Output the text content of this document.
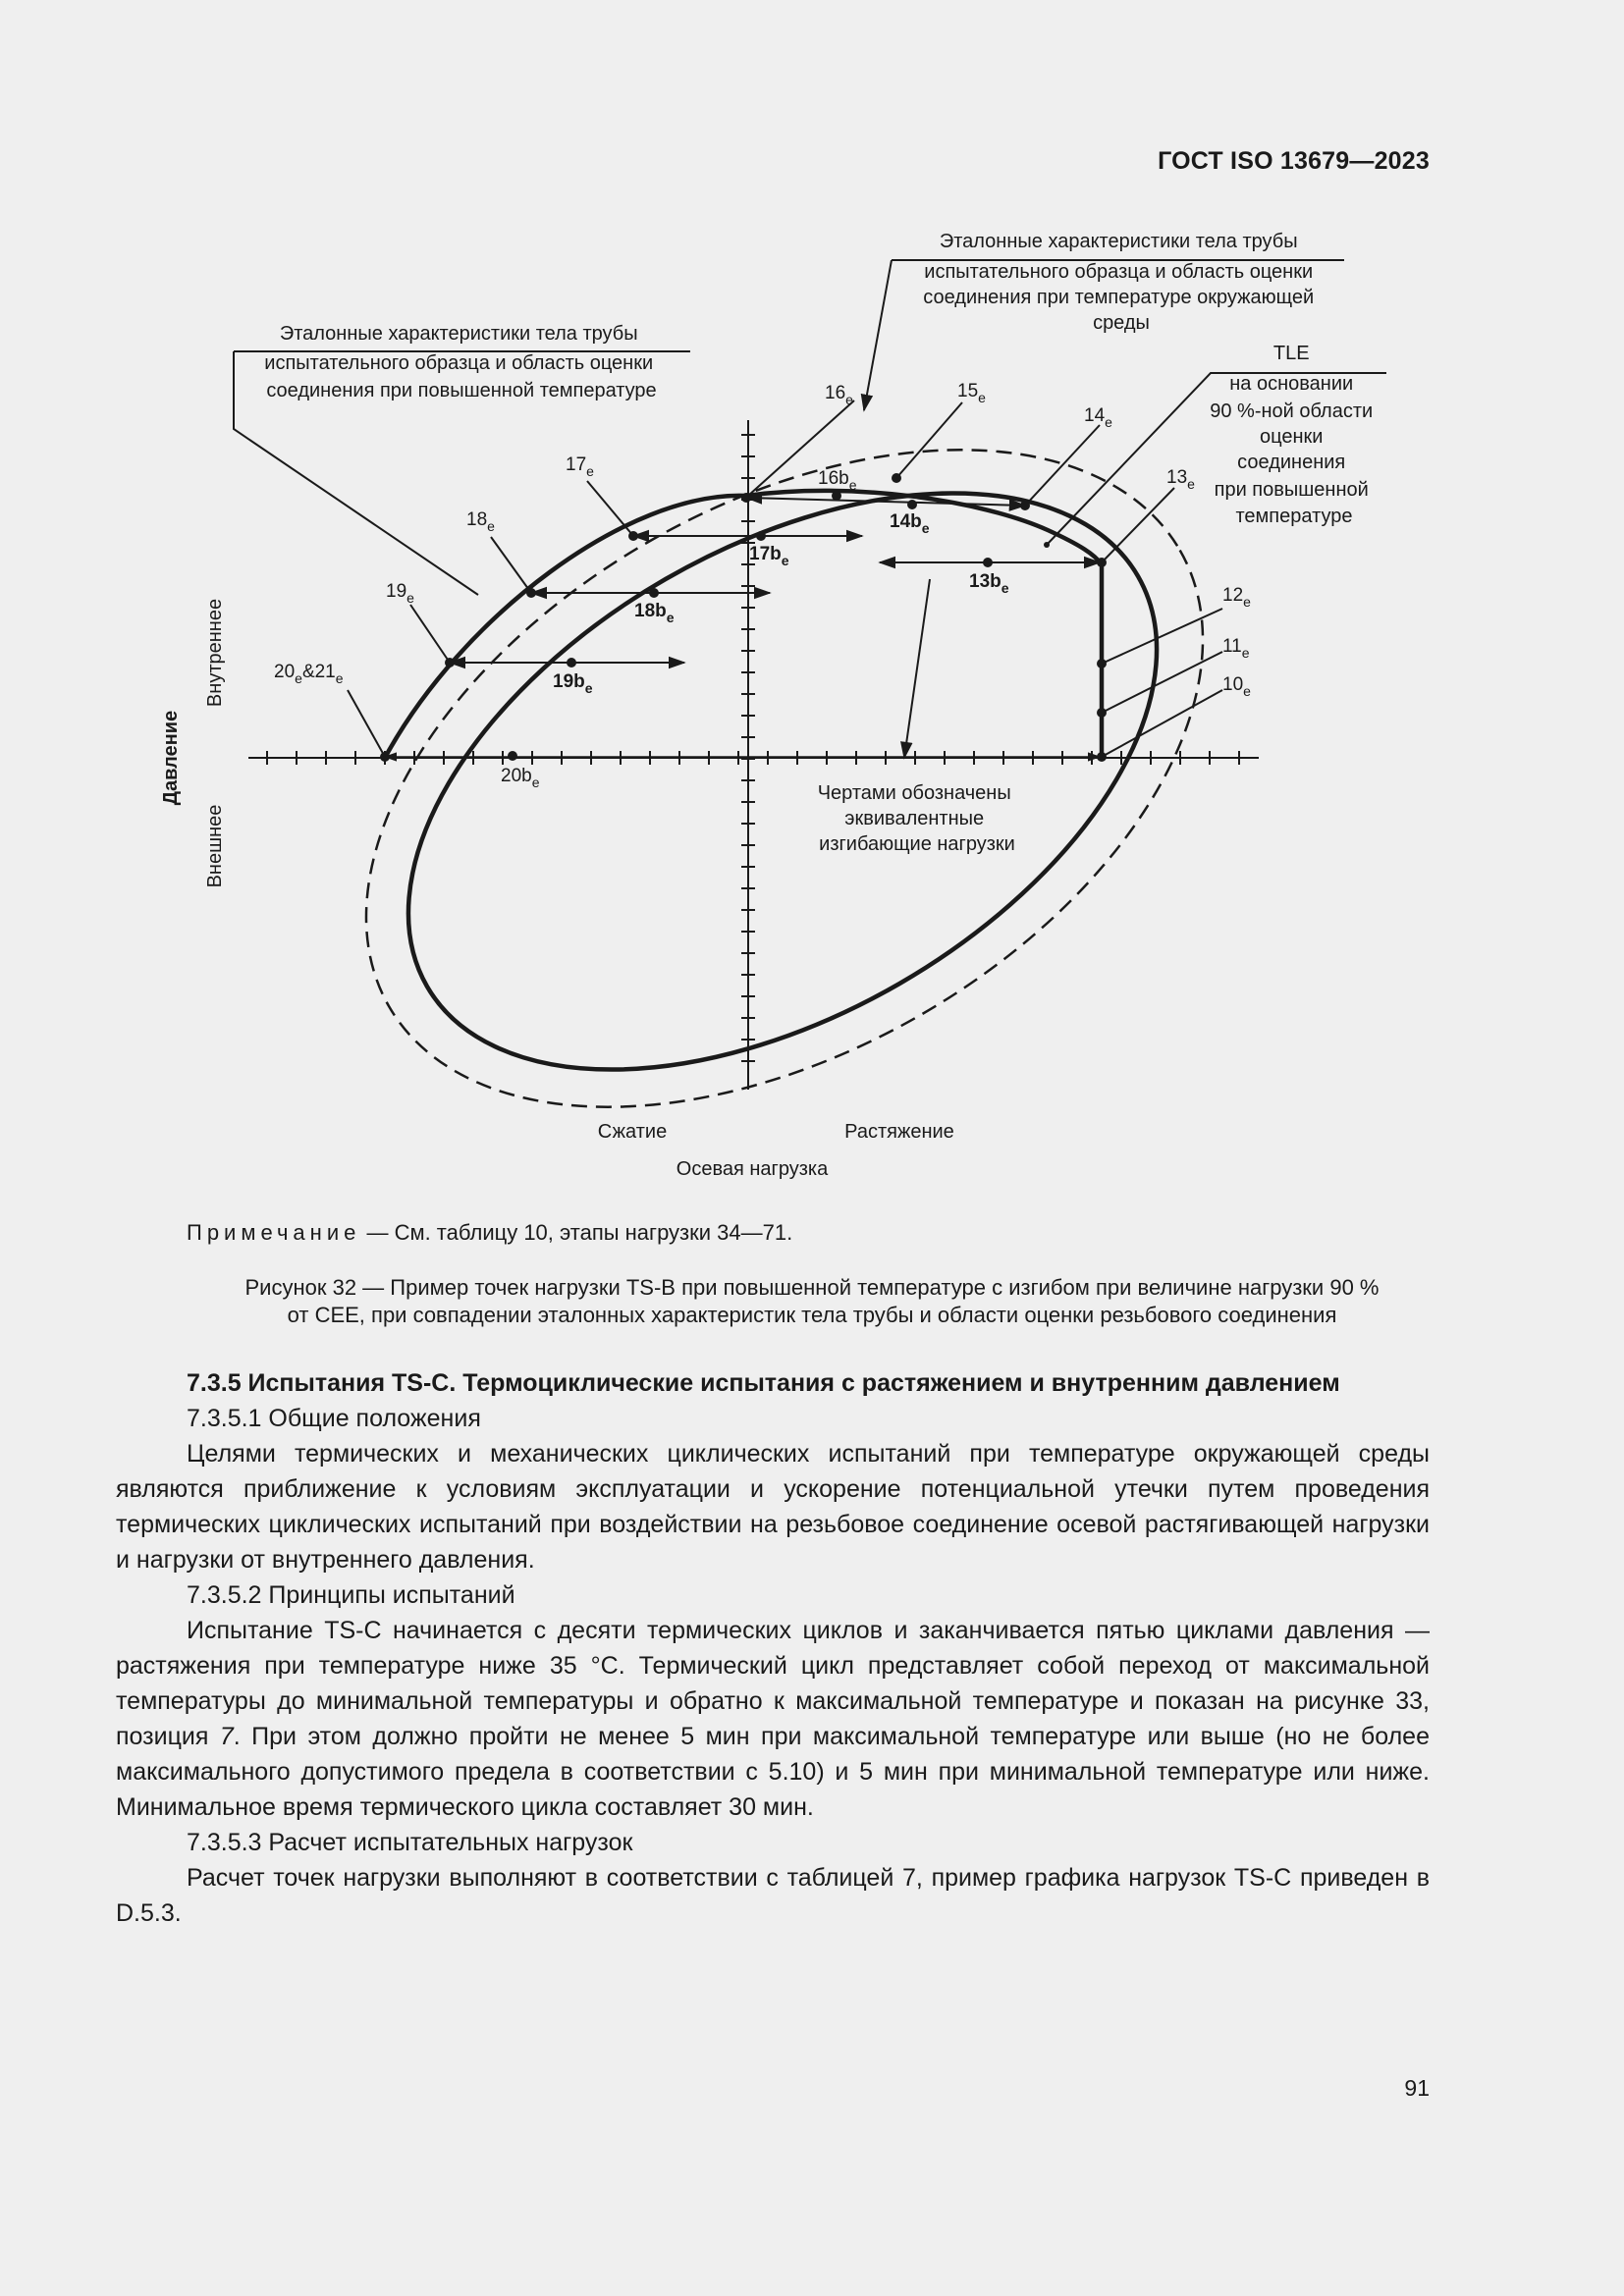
ГОСТ ISO 13679—2023
Эталонные характеристики тела трубы испытательного образца и область оценки соединения при температуре окружающей среды
Эталонные характеристики тела трубы испытательного образца и область оценки соединения при повышенной температуре
TLE на основании 90 %-ной области оценки соединения при повышенной температуре
Чертами обозначены эквивалентные изгибающие нагрузки
Давление
Внутреннее
Внешнее
Сжатие	Растяжение
Осевая нагрузка
$10_e$
$11_e$
$12_e$
$13_e$
$14_e$
$15_e$
$16_e$
$17_e$
$18_e$
$19_e$
$20_e\&21_e$
$13b_e$
$14b_e$
$16b_e$
$17b_e$
$18b_e$
$19b_e$
$20b_e$
Примечание — См. таблицу 10, этапы нагрузки 34—71.
Рисунок 32 — Пример точек нагрузки TS-B при повышенной температуре с изгибом при величине нагрузки 90 %
от CEE, при совпадении эталонных характеристик тела трубы и области оценки резьбового соединения

7.3.5 Испытания TS-C. Термоциклические испытания с растяжением и внутренним давлением

7.3.5.1 Общие положения

Целями термических и механических циклических испытаний при температуре окружающей среды являются приближение к условиям эксплуатации и ускорение потенциальной утечки путем проведения термических циклических испытаний при воздействии на резьбовое соединение осевой растягивающей нагрузки и нагрузки от внутреннего давления.

7.3.5.2 Принципы испытаний

Испытание TS-C начинается с десяти термических циклов и заканчивается пятью циклами давления — растяжения при температуре ниже 35 °C. Термический цикл представляет собой переход от максимальной температуры до минимальной температуры и обратно к максимальной температуре и показан на рисунке 33, позиция 7. При этом должно пройти не менее 5 мин при максимальной температуре или выше (но не более максимального допустимого предела в соответствии с 5.10) и 5 мин при минимальной температуре или ниже. Минимальное время термического цикла составляет 30 мин.

7.3.5.3 Расчет испытательных нагрузок

Расчет точек нагрузки выполняют в соответствии с таблицей 7, пример графика нагрузок TS-C приведен в D.5.3.

91
